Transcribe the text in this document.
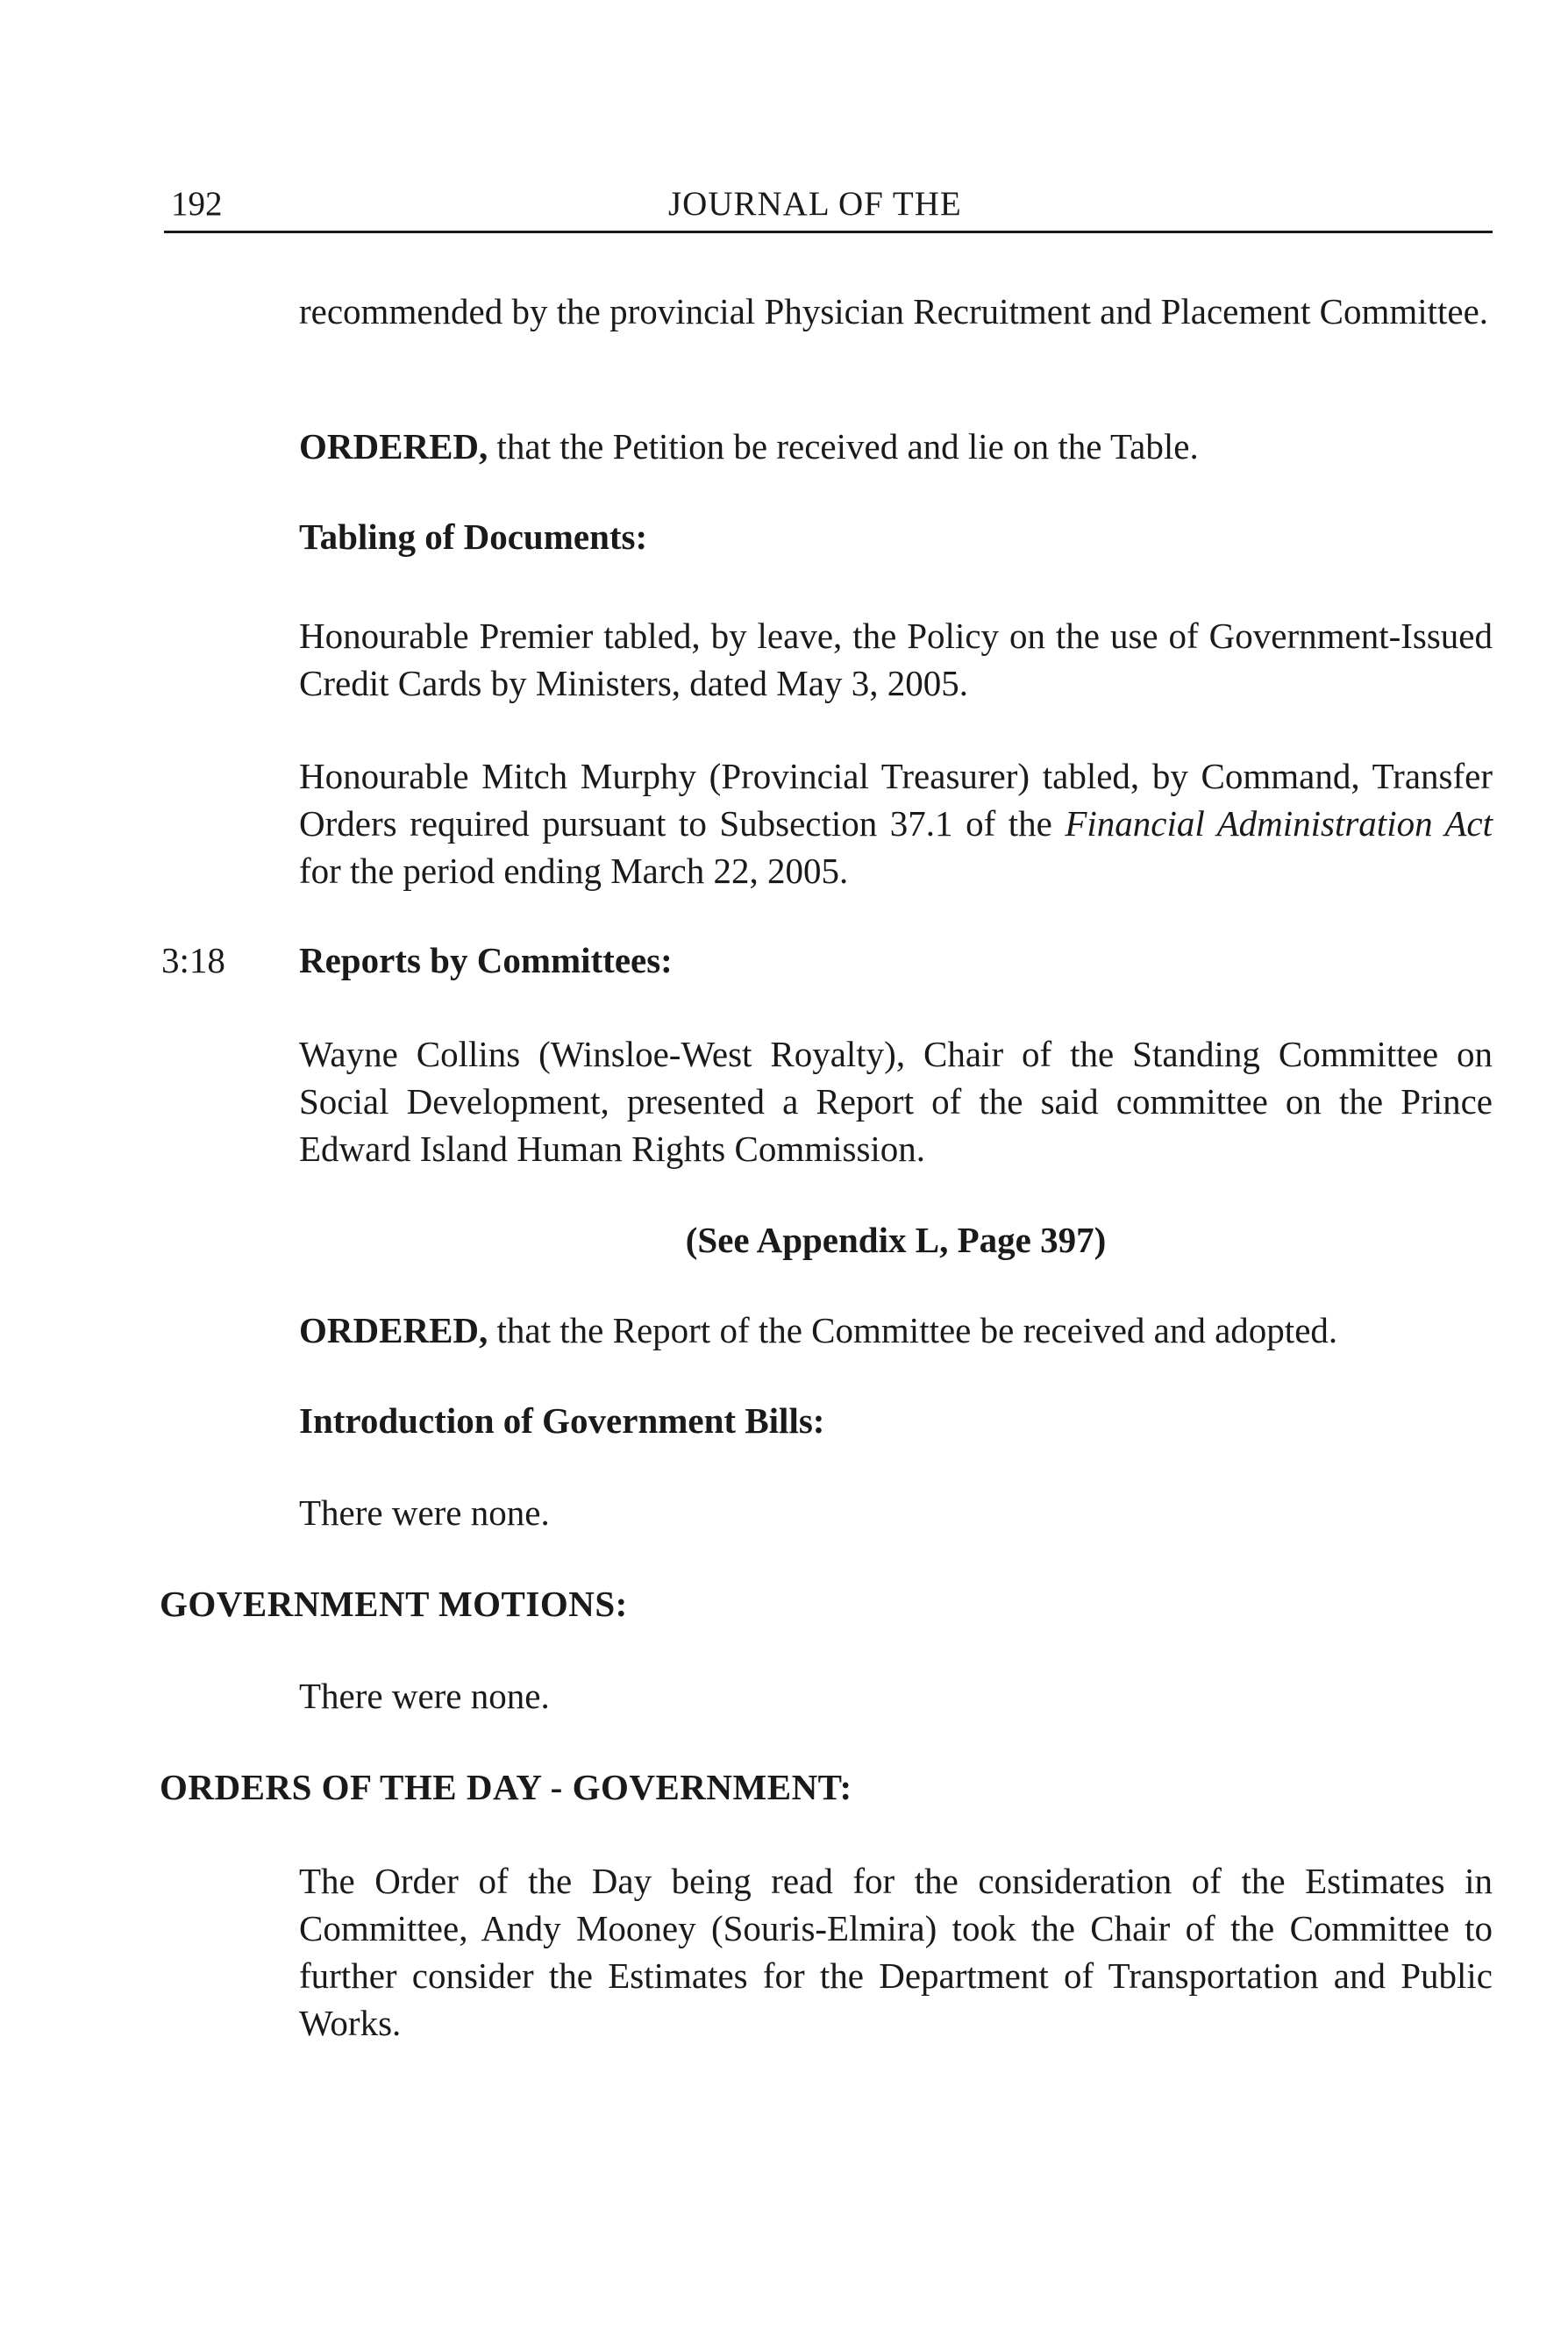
192	JOURNAL OF THE

recommended by the provincial Physician Recruitment and Placement Committee.

ORDERED, that the Petition be received and lie on the Table.

Tabling of Documents:

Honourable Premier tabled, by leave, the Policy on the use of Government-Issued Credit Cards by Ministers, dated May 3, 2005.

Honourable Mitch Murphy (Provincial Treasurer) tabled, by Command, Transfer Orders required pursuant to Subsection 37.1 of the Financial Administration Act for the period ending March 22, 2005.

3:18 Reports by Committees:

Wayne Collins (Winsloe-West Royalty), Chair of the Standing Committee on Social Development, presented a Report of the said committee on the Prince Edward Island Human Rights Commission.

(See Appendix L, Page 397)

ORDERED, that the Report of the Committee be received and adopted.

Introduction of Government Bills:

There were none.

GOVERNMENT MOTIONS:

There were none.

ORDERS OF THE DAY - GOVERNMENT:

The Order of the Day being read for the consideration of the Estimates in Committee, Andy Mooney (Souris-Elmira) took the Chair of the Committee to further consider the Estimates for the Department of Transportation and Public Works.
